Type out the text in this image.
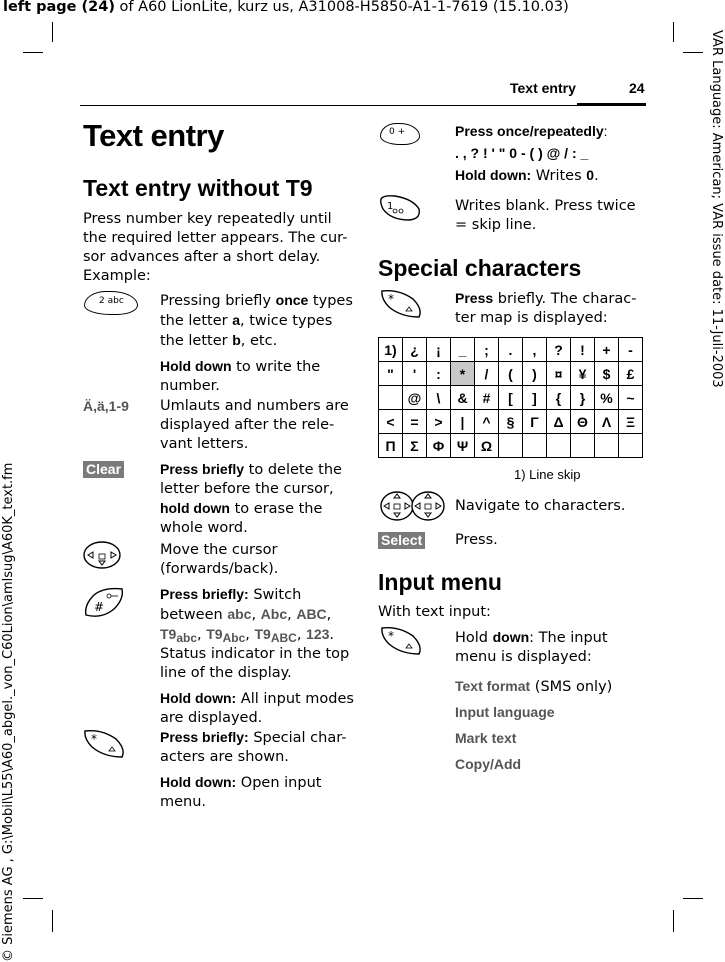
left page (24) of A60 LionLite, kurz us, A31008-H5850-A1-1-7619 (15.10.03)
VAR Language: American; VAR issue date: 11-Juli-2003
© Siemens AG , G:\Mobil\L55\A60_abgel._von_C60Lion\amlsug\A60K_text.fm
Text entry	24
Text entry
Text entry without T9
Press number key repeatedly until
the required letter appears. The cur-
sor advances after a short delay.
Example:
2 abc Pressing briefly once types
the letter a, twice types
the letter b, etc.
Hold down to write the
number.
Ä,ä,1-9 Umlauts and numbers are
displayed after the rele-
vant letters.
Clear	Press briefly to delete the
letter before the cursor,
hold down to erase the
whole word.
Move the cursor
(forwards/back).
#
Press briefly: Switch
between abc, Abc, ABC,
$T9_{abc}$, $T9_{Abc}$, $T9_{ABC}$, 123.
Status indicator in the top
line of the display.
Hold down: All input modes
are displayed.
*	Press briefly: Special char-
acters are shown.
Hold down: Open input
menu.
0 +	Press once/repeatedly:
. , ? ! ' " 0 - ( ) @ / : _
Hold down: Writes 0.
1	Writes blank. Press twice
= skip line.
Special characters
*	Press briefly. The charac-
ter map is displayed:
1)	¿	¡	_	;	.	,	?	!	+	-
"	'	:	*	/	(	)	¤	¥	$	£
	@	\	&	#	[	]	{	}	%	~
<	=	>	|	^	§	Γ	Δ	Θ	Λ	Ξ
Π	Σ	Φ	Ψ	Ω						
1) Line skip
Navigate to characters.
Select Press.
Input menu
With text input:
*	Hold down: The input
menu is displayed:
Text format (SMS only)
Input language
Mark text
Copy/Add
